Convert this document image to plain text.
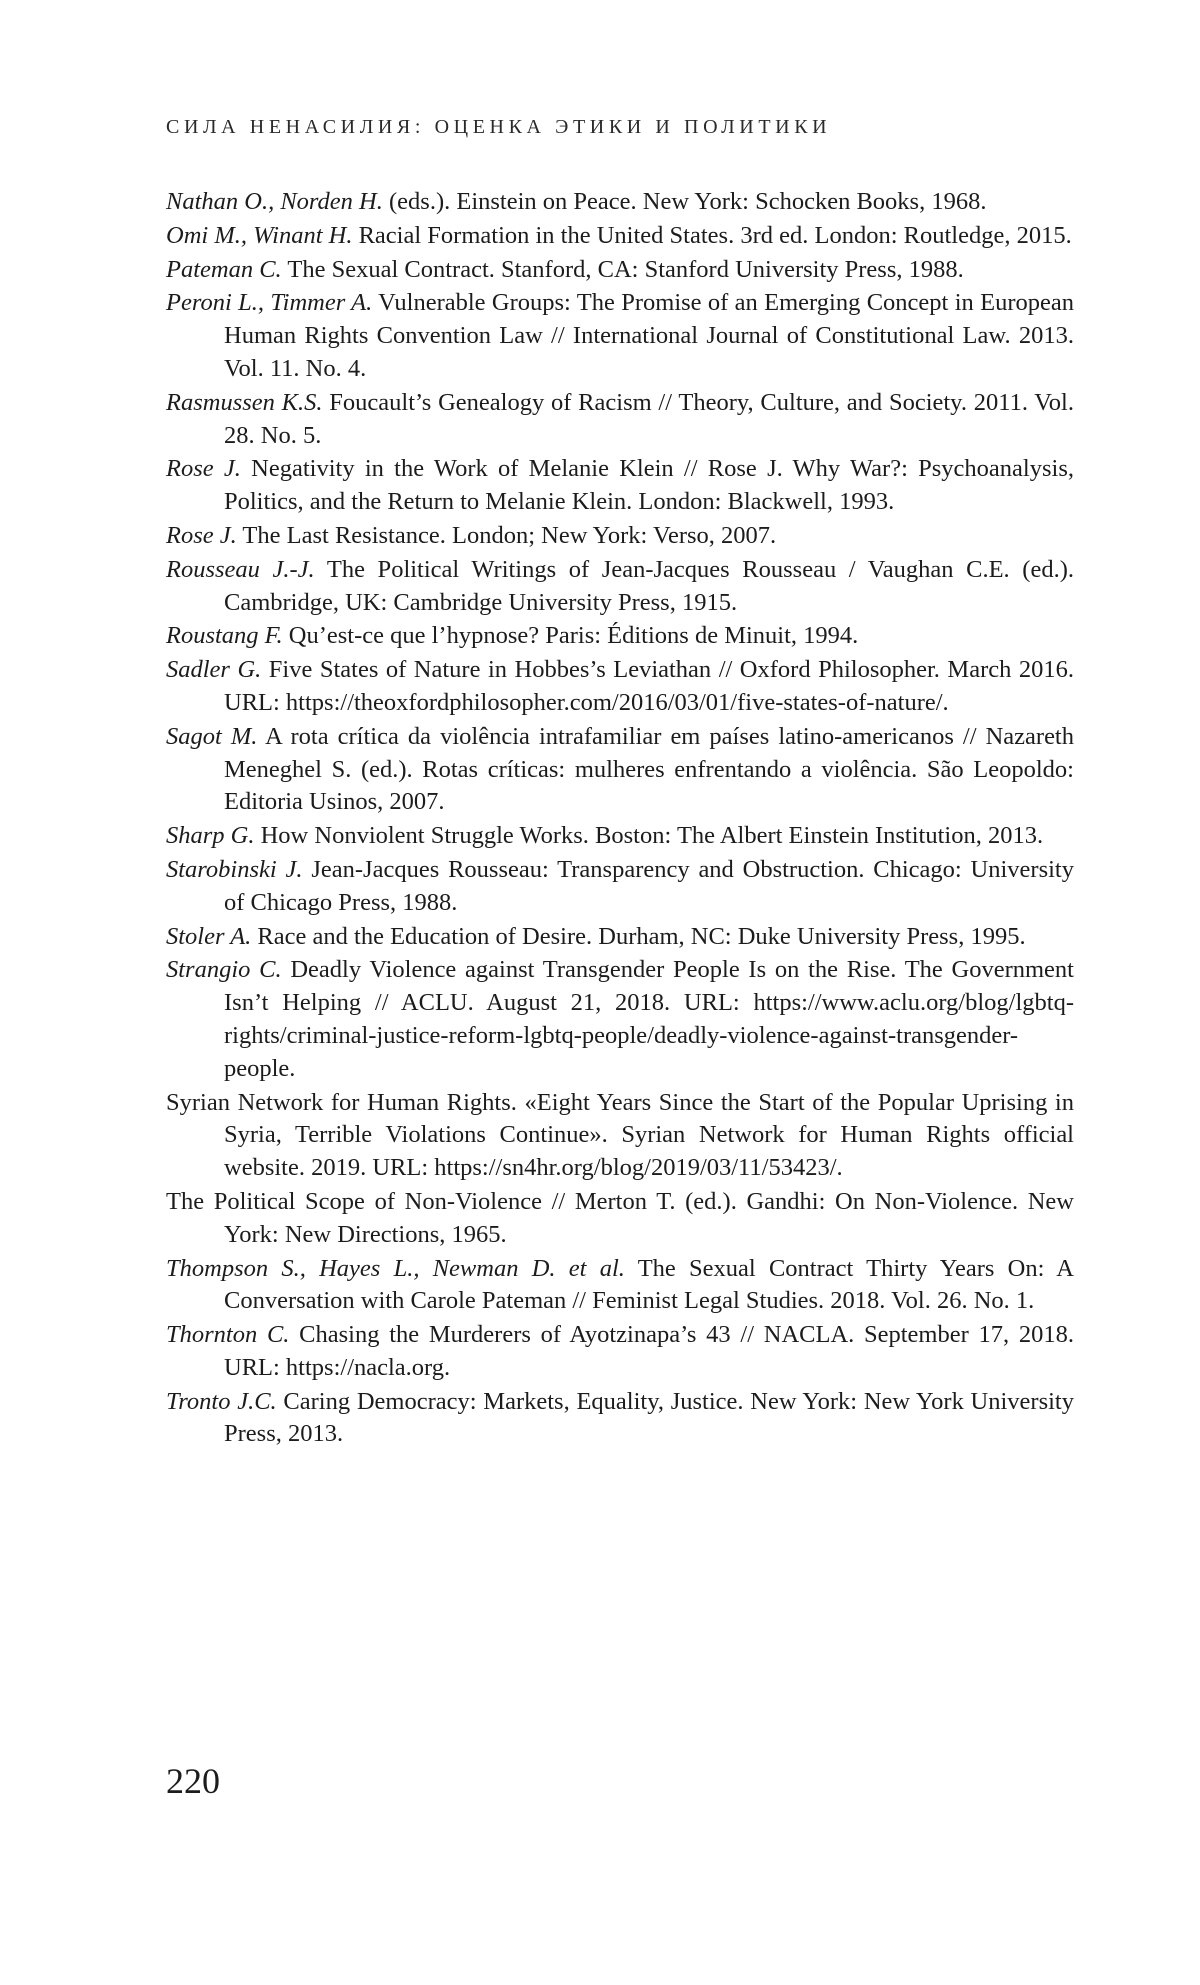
СИЛА НЕНАСИЛИЯ: ОЦЕНКА ЭТИКИ И ПОЛИТИКИ

Nathan O., Norden H. (eds.). Einstein on Peace. New York: Schocken Books, 1968.

Omi M., Winant H. Racial Formation in the United States. 3rd ed. London: Routledge, 2015.

Pateman C. The Sexual Contract. Stanford, CA: Stanford University Press, 1988.

Peroni L., Timmer A. Vulnerable Groups: The Promise of an Emerging Concept in European Human Rights Convention Law // International Journal of Constitutional Law. 2013. Vol. 11. No. 4.

Rasmussen K.S. Foucault’s Genealogy of Racism // Theory, Culture, and Society. 2011. Vol. 28. No. 5.

Rose J. Negativity in the Work of Melanie Klein // Rose J. Why War?: Psychoanalysis, Politics, and the Return to Melanie Klein. London: Blackwell, 1993.

Rose J. The Last Resistance. London; New York: Verso, 2007.

Rousseau J.-J. The Political Writings of Jean-Jacques Rousseau / Vaughan C.E. (ed.). Cambridge, UK: Cambridge University Press, 1915.

Roustang F. Qu’est-ce que l’hypnose? Paris: Éditions de Minuit, 1994.

Sadler G. Five States of Nature in Hobbes’s Leviathan // Oxford Philosopher. March 2016. URL: https://theoxfordphilosopher.com/2016/03/01/five-states-of-nature/.

Sagot M. A rota crítica da violência intrafamiliar em países latino-americanos // Nazareth Meneghel S. (ed.). Rotas críticas: mulheres enfrentando a violência. São Leopoldo: Editoria Usinos, 2007.

Sharp G. How Nonviolent Struggle Works. Boston: The Albert Einstein Institution, 2013.

Starobinski J. Jean-Jacques Rousseau: Transparency and Obstruction. Chicago: University of Chicago Press, 1988.

Stoler A. Race and the Education of Desire. Durham, NC: Duke University Press, 1995.

Strangio C. Deadly Violence against Transgender People Is on the Rise. The Government Isn’t Helping // ACLU. August 21, 2018. URL: https://www.aclu.org/blog/lgbtq-rights/criminal-justice-reform-lgbtq-people/deadly-violence-against-transgender-people.

Syrian Network for Human Rights. «Eight Years Since the Start of the Popular Uprising in Syria, Terrible Violations Continue». Syrian Network for Human Rights official website. 2019. URL: https://sn4hr.org/blog/2019/03/11/53423/.

The Political Scope of Non-Violence // Merton T. (ed.). Gandhi: On Non-Violence. New York: New Directions, 1965.

Thompson S., Hayes L., Newman D. et al. The Sexual Contract Thirty Years On: A Conversation with Carole Pateman // Feminist Legal Studies. 2018. Vol. 26. No. 1.

Thornton C. Chasing the Murderers of Ayotzinapa’s 43 // NACLA. September 17, 2018. URL: https://nacla.org.

Tronto J.C. Caring Democracy: Markets, Equality, Justice. New York: New York University Press, 2013.

220
